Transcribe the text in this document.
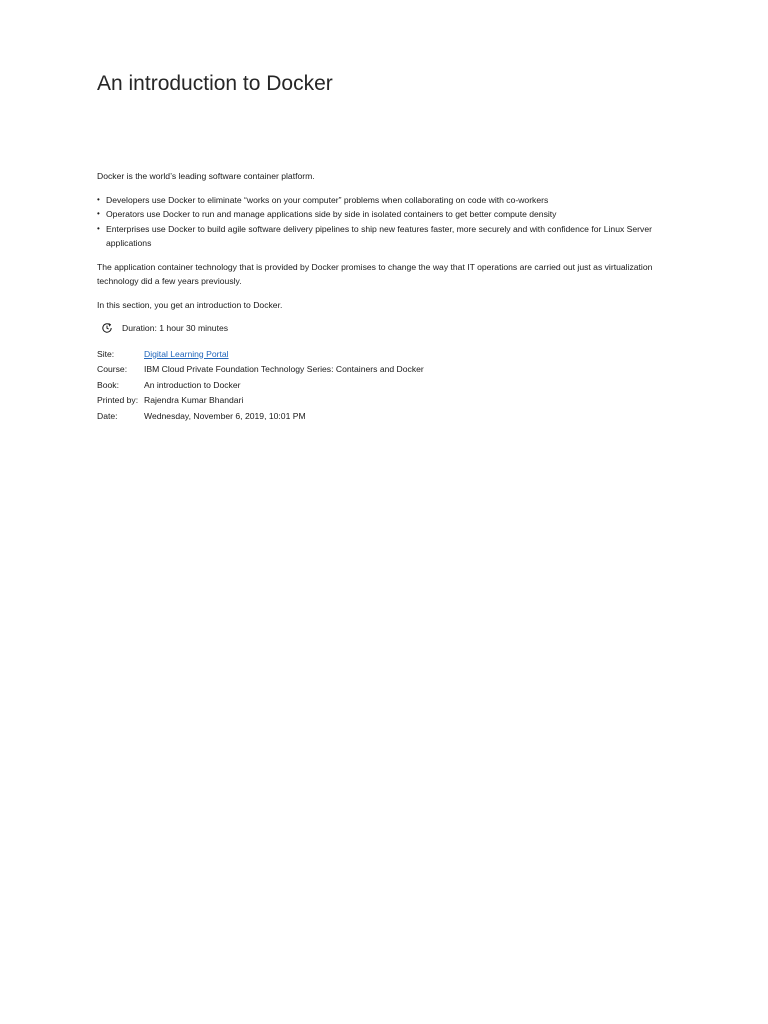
An introduction to Docker

Docker is the world’s leading software container platform.

• Developers use Docker to eliminate “works on your computer” problems when collaborating on code with co-workers
• Operators use Docker to run and manage applications side by side in isolated containers to get better compute density
• Enterprises use Docker to build agile software delivery pipelines to ship new features faster, more securely and with confidence for Linux Server applications

The application container technology that is provided by Docker promises to change the way that IT operations are carried out just as virtualization technology did a few years previously.

In this section, you get an introduction to Docker.

Duration: 1 hour 30 minutes
Site:	Digital Learning Portal
Course:	IBM Cloud Private Foundation Technology Series: Containers and Docker
Book:	An introduction to Docker
Printed by:	Rajendra Kumar Bhandari
Date:	Wednesday, November 6, 2019, 10:01 PM
